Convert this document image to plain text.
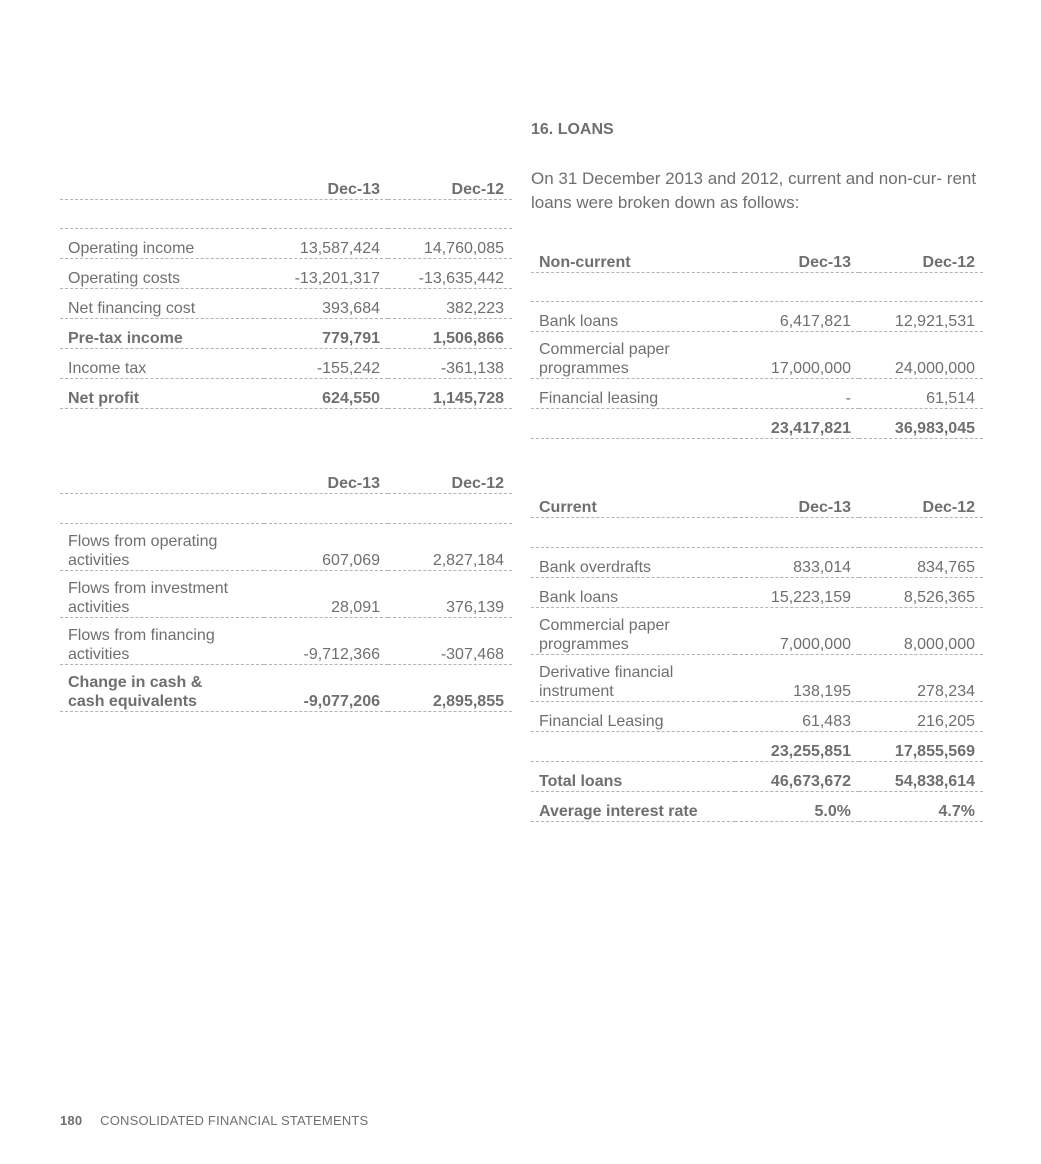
	Dec-13	Dec-12

Operating income	13,587,424	14,760,085
Operating costs	-13,201,317	-13,635,442
Net financing cost	393,684	382,223
Pre-tax income	779,791	1,506,866
Income tax	-155,242	-361,138
Net profit	624,550	1,145,728
	Dec-13	Dec-12

Flows from operating
activities	607,069	2,827,184
Flows from investment
activities	28,091	376,139
Flows from financing
activities	-9,712,366	-307,468
Change in cash &
cash equivalents	-9,077,206	2,895,855
16. LOANS
On 31 December 2013 and 2012, current and non-cur- rent loans were broken down as follows:
Non-current	Dec-13	Dec-12

Bank loans	6,417,821	12,921,531
Commercial paper
programmes	17,000,000	24,000,000
Financial leasing	-	61,514
	23,417,821	36,983,045
Current	Dec-13	Dec-12

Bank overdrafts	833,014	834,765
Bank loans	15,223,159	8,526,365
Commercial paper
programmes	7,000,000	8,000,000
Derivative financial
instrument	138,195	278,234
Financial Leasing	61,483	216,205
	23,255,851	17,855,569
Total loans	46,673,672	54,838,614
Average interest rate	5.0%	4.7%
180 CONSOLIDATED FINANCIAL STATEMENTS
